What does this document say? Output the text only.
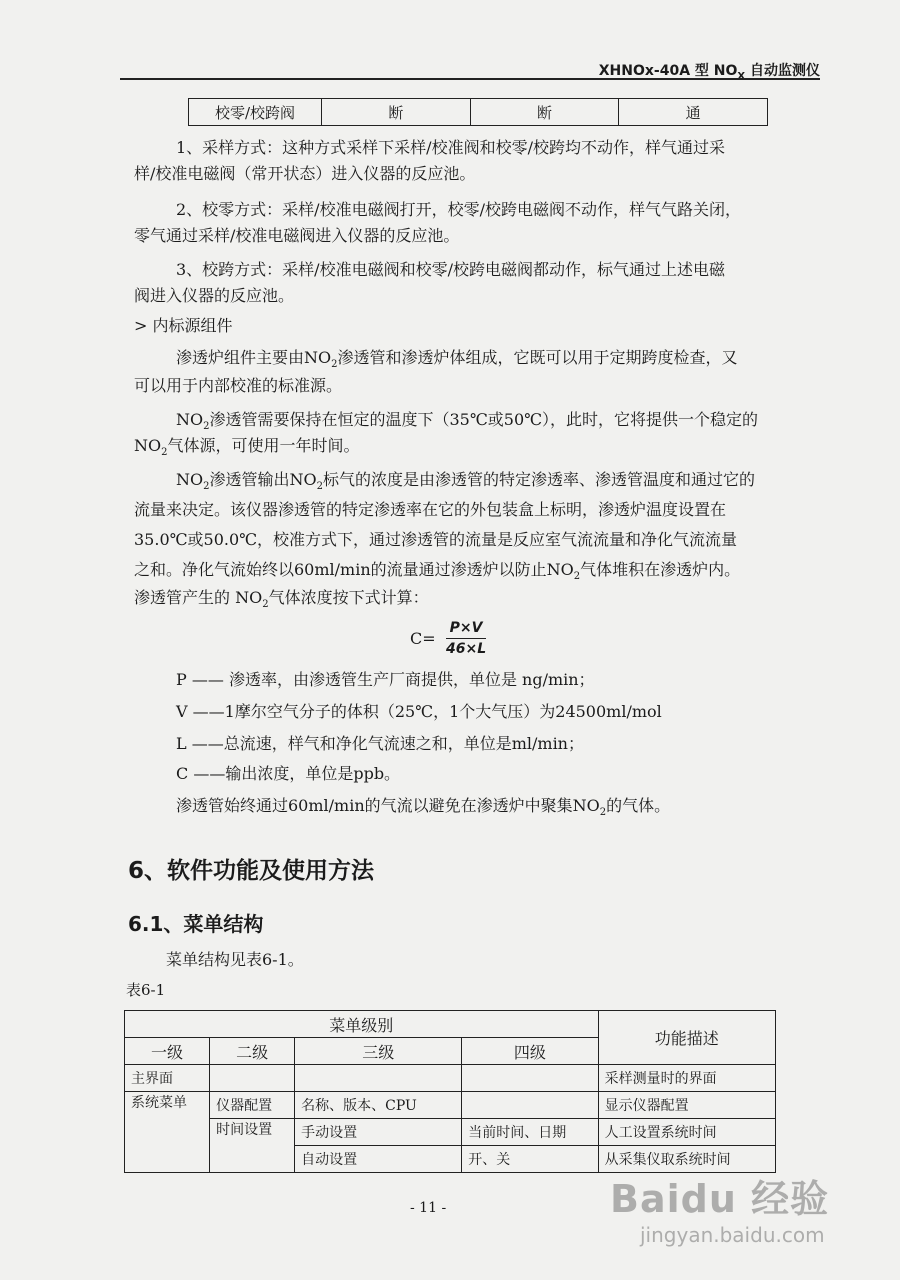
XHNOx-40A 型 $NO_X$ 自动监测仪
校零/校跨阀	断	断	通
1、采样方式：这种方式采样下采样/校准阀和校零/校跨均不动作，样气通过采
样/校准电磁阀（常开状态）进入仪器的反应池。
2、校零方式：采样/校准电磁阀打开，校零/校跨电磁阀不动作，样气气路关闭，
零气通过采样/校准电磁阀进入仪器的反应池。
3、校跨方式：采样/校准电磁阀和校零/校跨电磁阀都动作，标气通过上述电磁
阀进入仪器的反应池。
> 内标源组件
渗透炉组件主要由$NO_2$渗透管和渗透炉体组成，它既可以用于定期跨度检查，又
可以用于内部校准的标准源。
$NO_2$渗透管需要保持在恒定的温度下（35℃或50℃），此时，它将提供一个稳定的
$NO_2$气体源，可使用一年时间。
$NO_2$渗透管输出$NO_2$标气的浓度是由渗透管的特定渗透率、渗透管温度和通过它的
流量来决定。该仪器渗透管的特定渗透率在它的外包装盒上标明，渗透炉温度设置在
35.0℃或50.0℃，校准方式下，通过渗透管的流量是反应室气流流量和净化气流流量
之和。净化气流始终以60ml/min的流量通过渗透炉以防止$NO_2$气体堆积在渗透炉内。
渗透管产生的 $NO_2$气体浓度按下式计算：
$C= \frac{P\times V}{46\times L}$
P —— 渗透率，由渗透管生产厂商提供，单位是 ng/min；
V ——1摩尔空气分子的体积（25℃，1个大气压）为24500ml/mol
L ——总流速，样气和净化气流速之和，单位是ml/min；
C ——输出浓度，单位是ppb。
渗透管始终通过60ml/min的气流以避免在渗透炉中聚集$NO_2$的气体。
6、软件功能及使用方法
6.1、菜单结构
菜单结构见表6-1。
表6-1
菜单级别				功能描述
一级	二级	三级	四级	
主界面				采样测量时的界面
系统菜单	仪器配置	名称、版本、CPU		显示仪器配置
	时间设置	手动设置	当前时间、日期	人工设置系统时间
		自动设置	开、关	从采集仪取系统时间
- 11 -	Baidu 经验
jingyan.baidu.com
